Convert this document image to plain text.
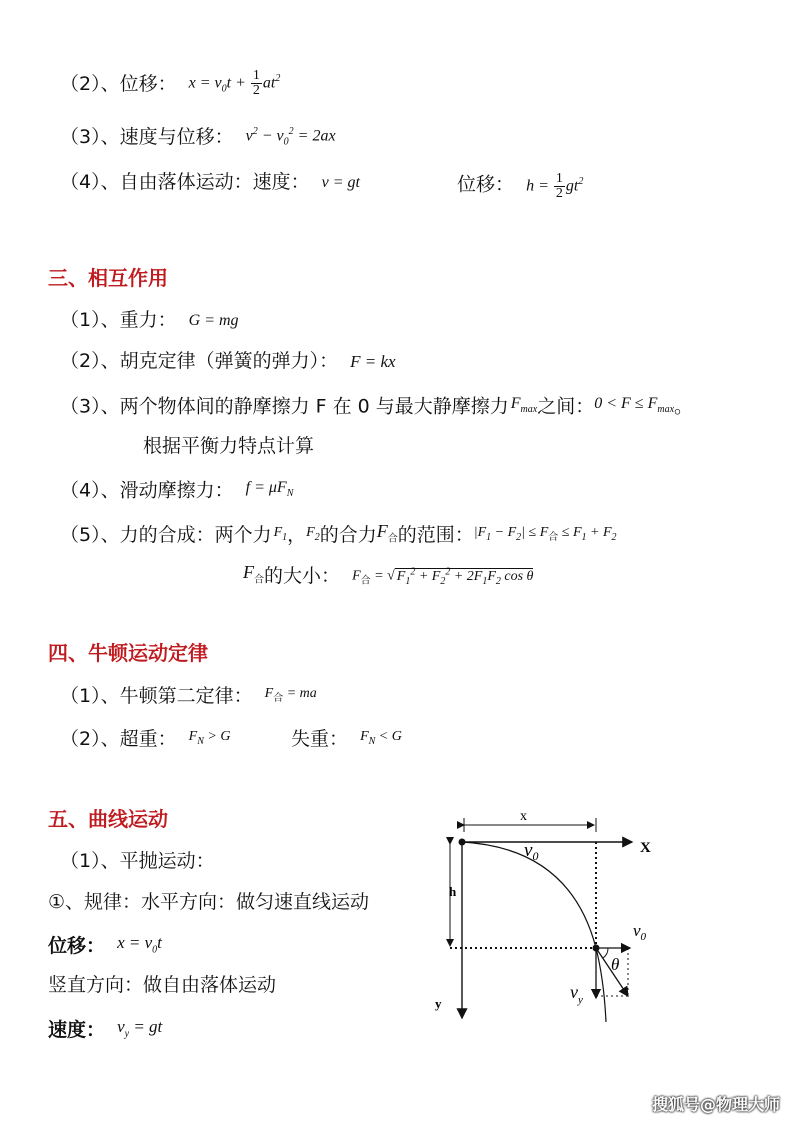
（2）、位移： $x = v_0t + \frac{1}{2} at^2$
（3）、速度与位移： $v^2 - v_0^2 = 2ax$
（4）、自由落体运动：速度： v = gt	位移： $h = \frac{1}{2} gt^2$
三、相互作用
（1）、重力： G = mg
（2）、胡克定律（弹簧的弹力）： F = kx
（3）、两个物体间的静摩擦力 F 在 0 与最大静摩擦力 $F_{max}$之间：$0 < F \le F_{max}$。
根据平衡力特点计算
（4）、滑动摩擦力： $f = \mu F_N$
（5）、力的合成：两个力 $F_1$，$F_2$的合力$F_合$的范围：$|F_1 - F_2| \le F_合 \le F_1 + F_2$
$F_合$的大小： $F_合$ = √ $F_1^2 + F_2^2 + 2F_1F_2$ cos θ
四、牛顿运动定律
（1）、牛顿第二定律： $F_合$ = ma
（2）、超重： $F_N > G$	失重： $F_N < G$
五、曲线运动
（1）、平抛运动：
①、规律：水平方向：做匀速直线运动
位移： $x = v_0t$
竖直方向：做自由落体运动
速度： $v_y$ = gt
x
$v_0$	X
h
y
$v_0$
θ
$v_y$
搜狐号@物理大师
